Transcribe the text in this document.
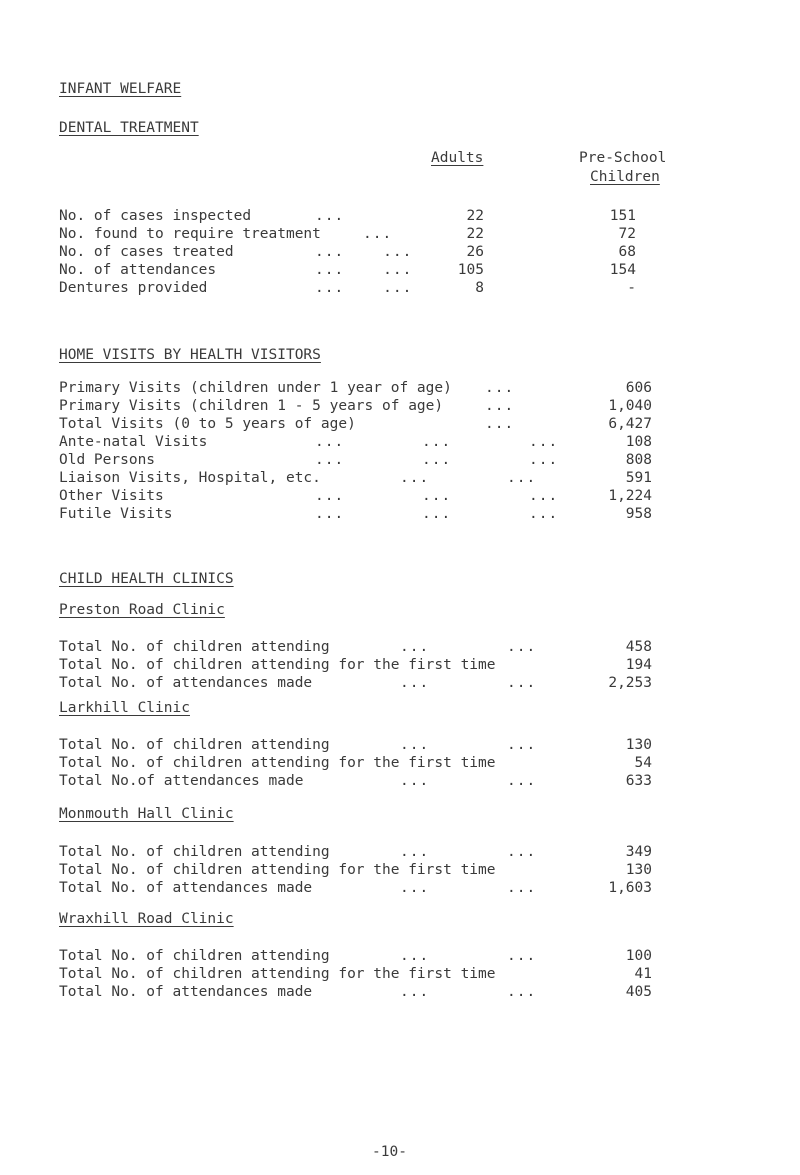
INFANT WELFARE
DENTAL TREATMENT
Adults	Pre-School
Children
No. of cases inspected	...	22	151
No. found to require treatment	...	22	72
No. of cases treated	...    ...	26	68
No. of attendances	...    ...	105	154
Dentures provided	...    ...	8	-
HOME VISITS BY HEALTH VISITORS
Primary Visits (children under 1 year of age) ...	606
Primary Visits (children 1 - 5 years of age)	...	1,040
Total Visits (0 to 5 years of age)	...	6,427
Ante-natal Visits	...        ...        ...	108
Old Persons	...        ...        ...	808
Liaison Visits, Hospital, etc.	...        ...	591
Other Visits	...        ...        ...	1,224
Futile Visits	...        ...        ...	958
CHILD HEALTH CLINICS
Preston Road Clinic
Total No. of children attending	...        ...	458
Total No. of children attending for the first time	194
Total No. of attendances made	...        ...	2,253
Larkhill Clinic
Total No. of children attending	...        ...	130
Total No. of children attending for the first time	54
Total No.of attendances made	...        ...	633
Monmouth Hall Clinic
Total No. of children attending	...        ...	349
Total No. of children attending for the first time	130
Total No. of attendances made	...        ...	1,603
Wraxhill Road Clinic
Total No. of children attending	...        ...	100
Total No. of children attending for the first time	41
Total No. of attendances made	...        ...	405
-10-
